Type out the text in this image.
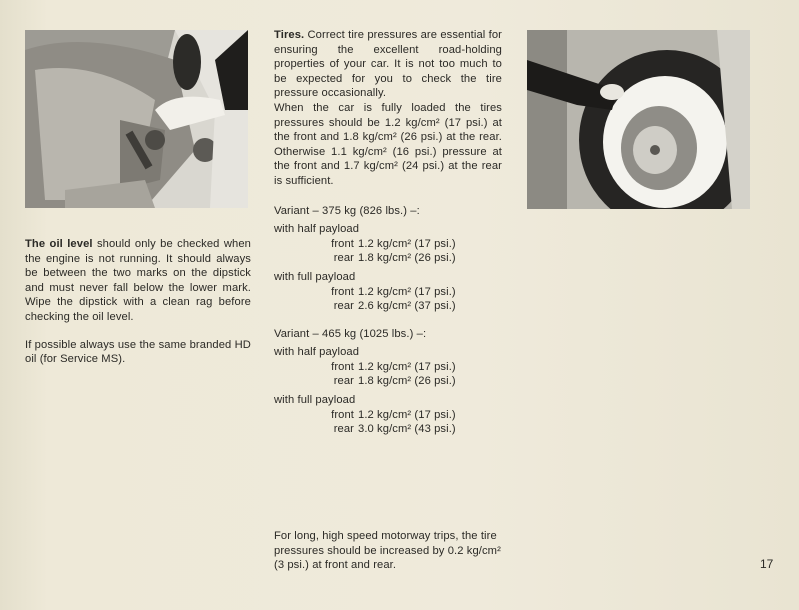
The oil level should only be checked when the engine is not running. It should always be between the two marks on the dipstick and must never fall below the lower mark. Wipe the dipstick with a clean rag before checking the oil level.

If possible always use the same branded HD oil (for Service MS).

Tires. Correct tire pressures are essential for ensuring the excellent road-holding properties of your car. It is not too much to be expected for you to check the tire pressure occasionally.

When the car is fully loaded the tires pressures should be 1.2 kg/cm² (17 psi.) at the front and 1.8 kg/cm² (26 psi.) at the rear. Otherwise 1.1 kg/cm² (16 psi.) pressure at the front and 1.7 kg/cm² (24 psi.) at the rear is sufficient.

Variant – 375 kg (826 lbs.) –:
with half payload
front 1.2 kg/cm² (17 psi.)
rear 1.8 kg/cm² (26 psi.)
with full payload
front 1.2 kg/cm² (17 psi.)
rear 2.6 kg/cm² (37 psi.)
Variant – 465 kg (1025 lbs.) –:
with half payload
front 1.2 kg/cm² (17 psi.)
rear 1.8 kg/cm² (26 psi.)
with full payload
front 1.2 kg/cm² (17 psi.)
rear 3.0 kg/cm² (43 psi.)

For long, high speed motorway trips, the tire pressures should be increased by 0.2 kg/cm² (3 psi.) at front and rear.	17
